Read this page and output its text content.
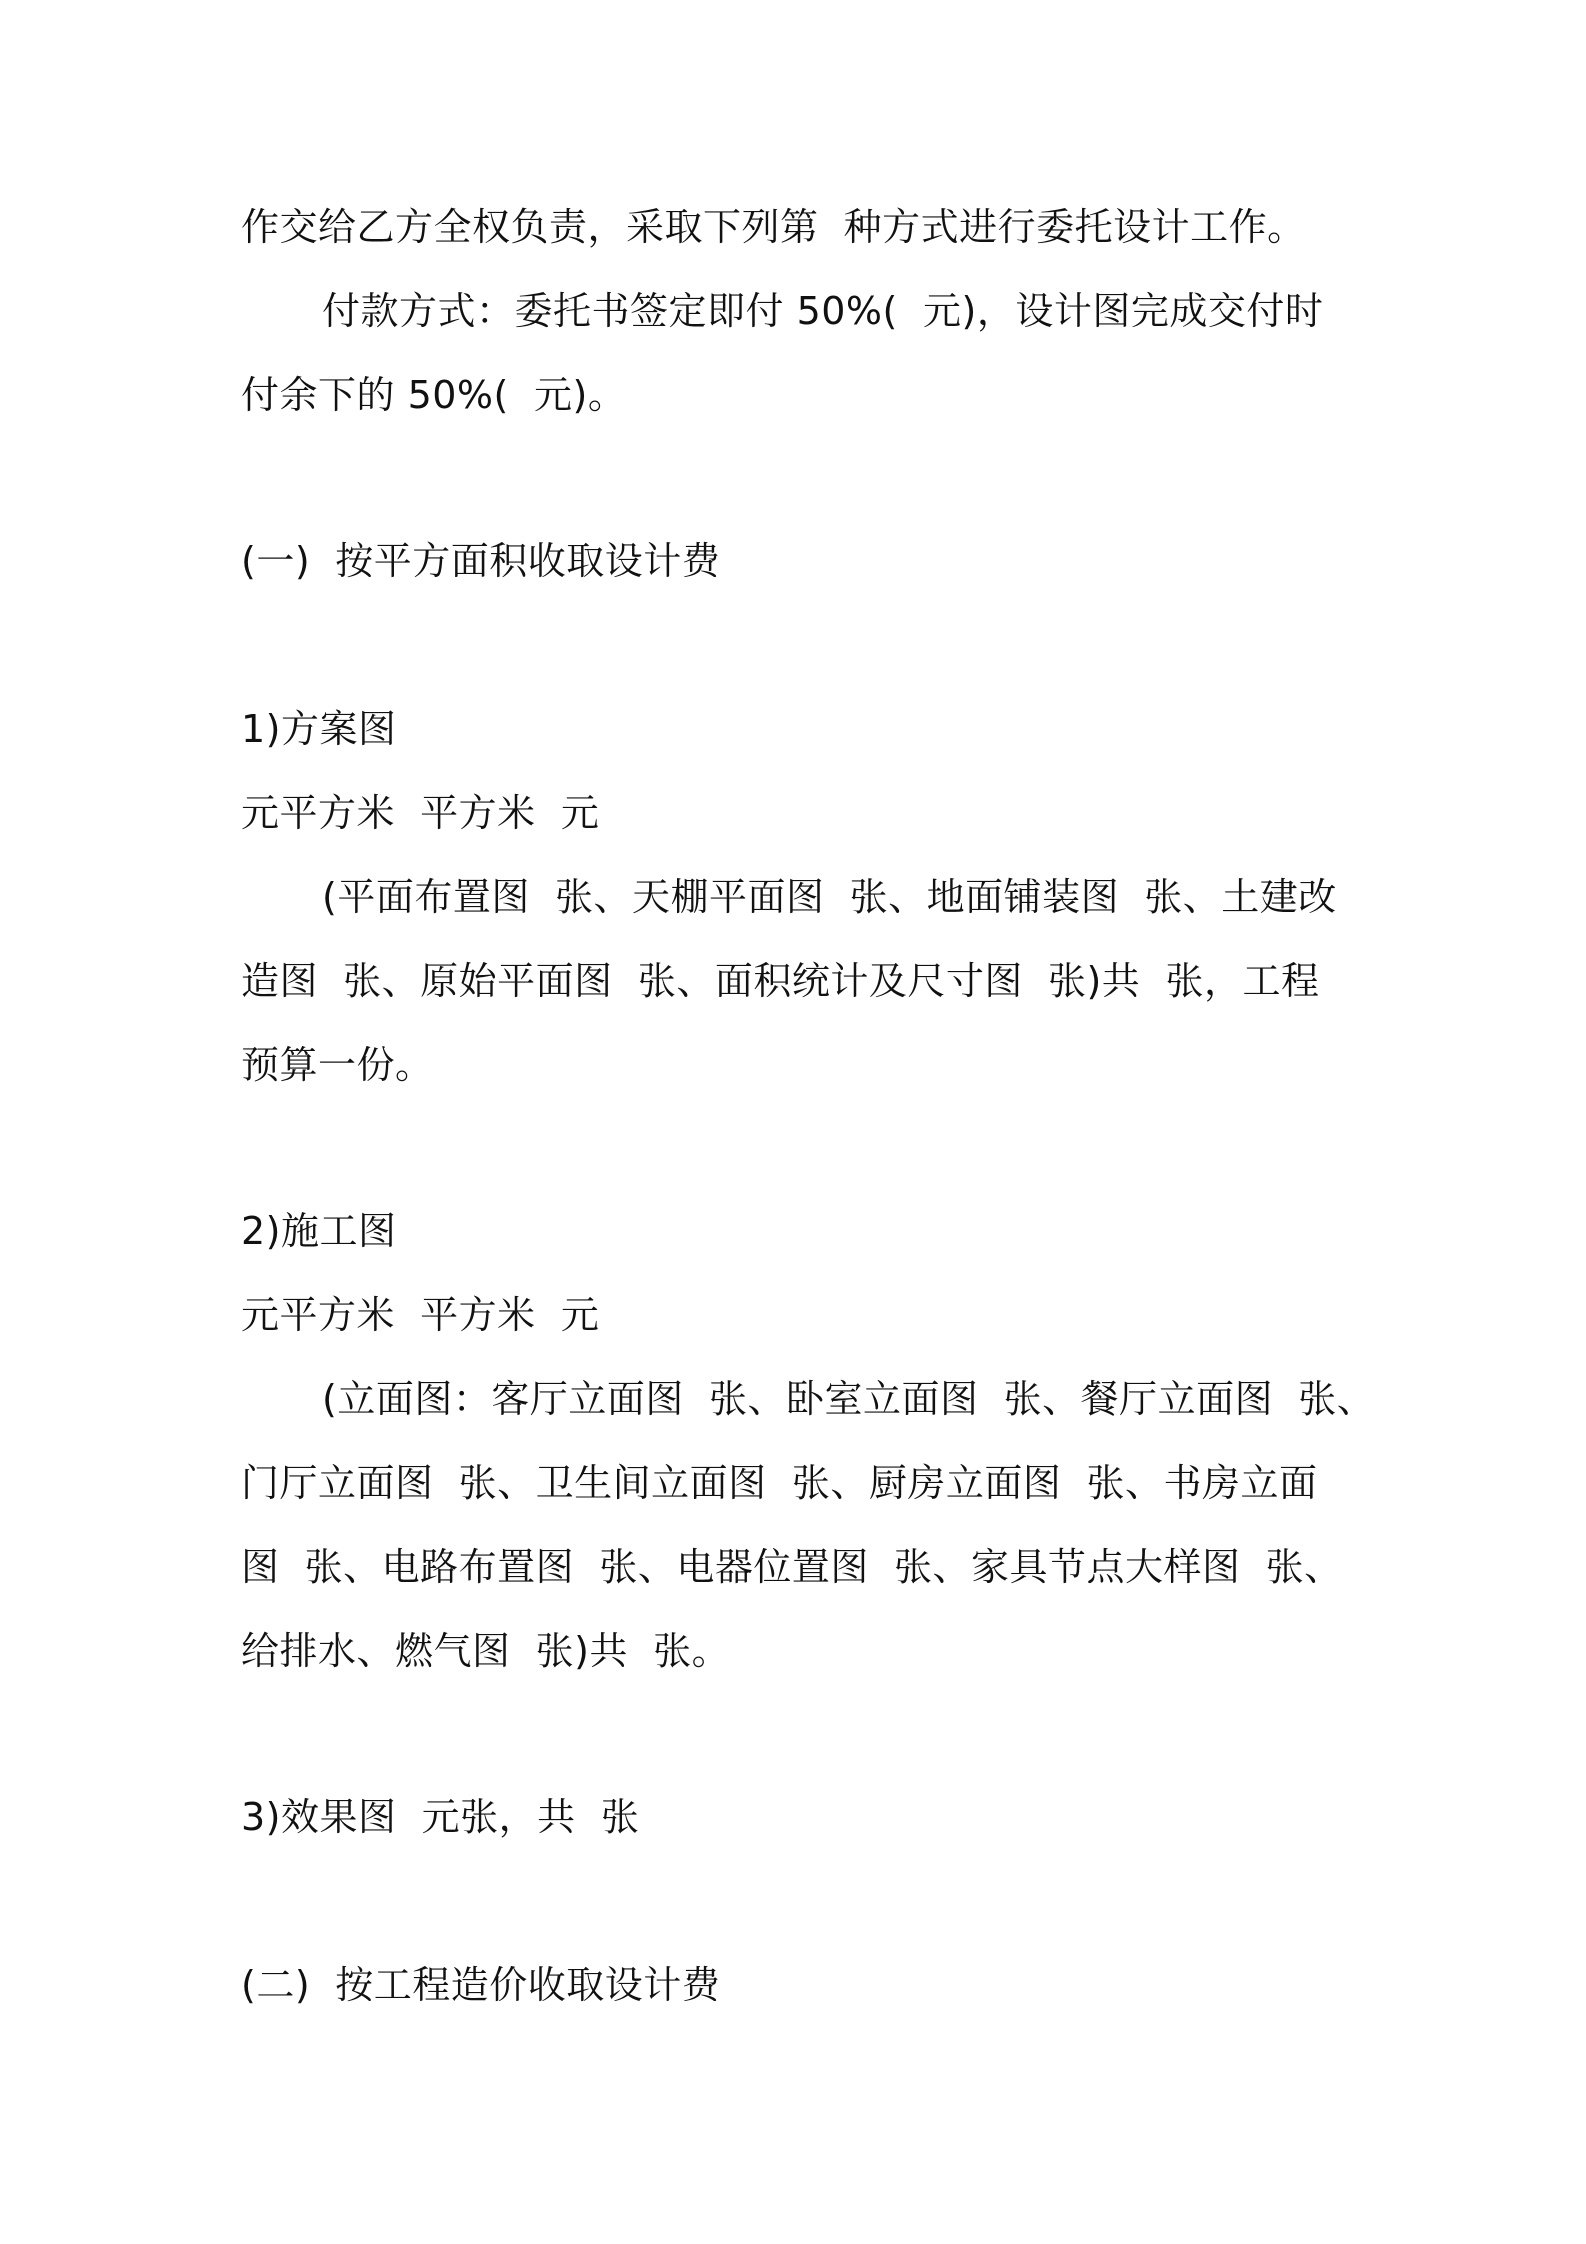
作交给乙方全权负责，采取下列第  种方式进行委托设计工作。
付款方式：委托书签定即付 50%(  元)，设计图完成交付时
付余下的 50%(  元)。
(一)  按平方面积收取设计费
1)方案图
元平方米  平方米  元
(平面布置图  张、天棚平面图  张、地面铺装图  张、土建改
造图  张、原始平面图  张、面积统计及尺寸图  张)共  张，工程
预算一份。
2)施工图
元平方米  平方米  元
(立面图：客厅立面图  张、卧室立面图  张、餐厅立面图  张、
门厅立面图  张、卫生间立面图  张、厨房立面图  张、书房立面
图  张、电路布置图  张、电器位置图  张、家具节点大样图  张、
给排水、燃气图  张)共  张。
3)效果图  元张，共  张
(二)  按工程造价收取设计费
